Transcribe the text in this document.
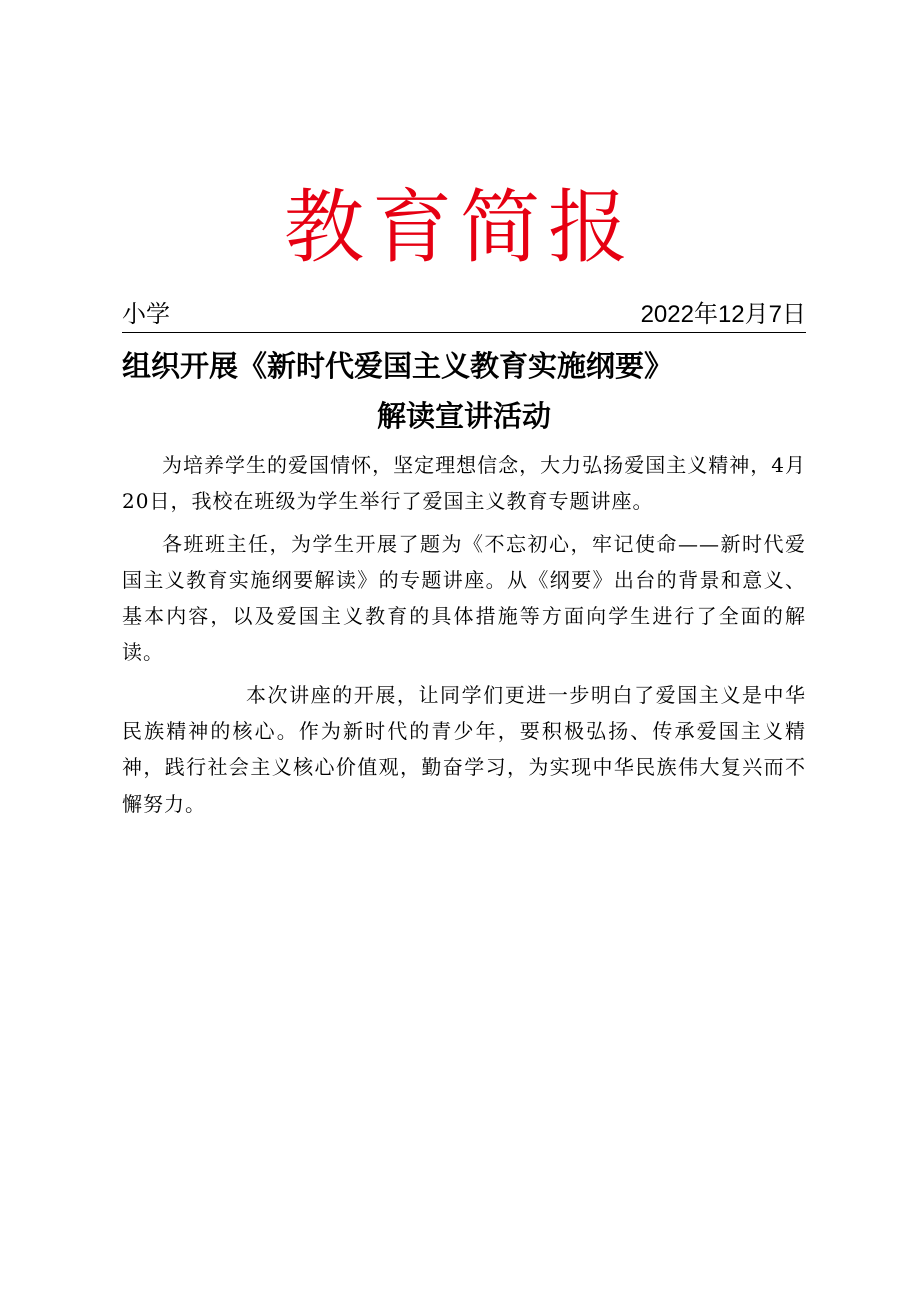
教育简报
小学	2022年12月7日
组织开展《新时代爱国主义教育实施纲要》
解读宣讲活动

为培养学生的爱国情怀，坚定理想信念，大力弘扬爱国主义精神，4月20日，我校在班级为学生举行了爱国主义教育专题讲座。

各班班主任，为学生开展了题为《不忘初心，牢记使命——新时代爱国主义教育实施纲要解读》的专题讲座。从《纲要》出台的背景和意义、基本内容，以及爱国主义教育的具体措施等方面向学生进行了全面的解读。

本次讲座的开展，让同学们更进一步明白了爱国主义是中华民族精神的核心。作为新时代的青少年，要积极弘扬、传承爱国主义精神，践行社会主义核心价值观，勤奋学习，为实现中华民族伟大复兴而不懈努力。
